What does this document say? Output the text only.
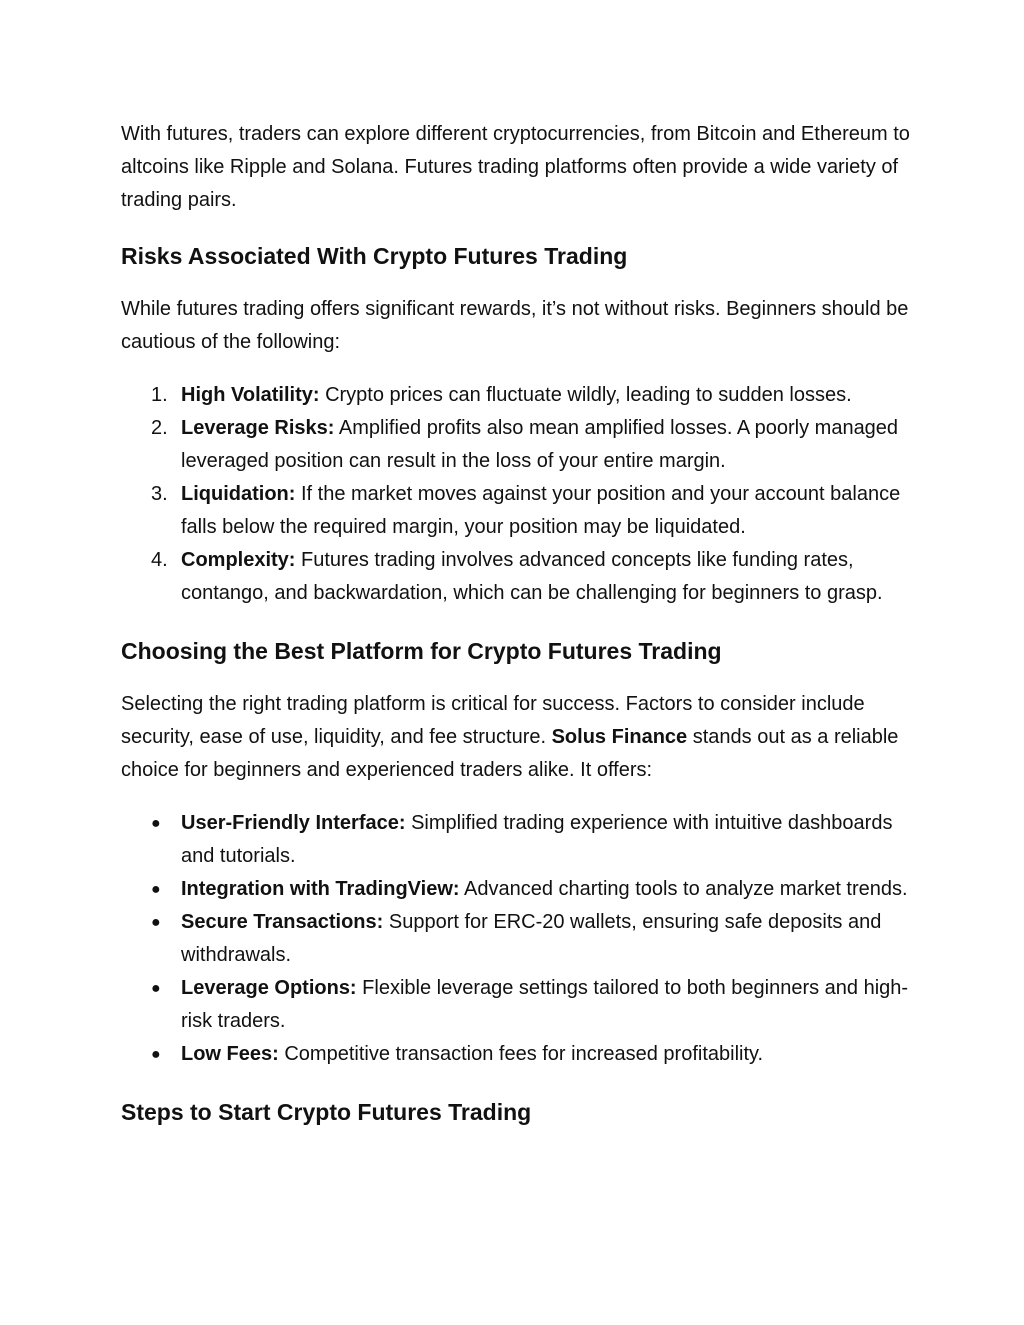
With futures, traders can explore different cryptocurrencies, from Bitcoin and Ethereum to altcoins like Ripple and Solana. Futures trading platforms often provide a wide variety of trading pairs.

Risks Associated With Crypto Futures Trading

While futures trading offers significant rewards, it’s not without risks. Beginners should be cautious of the following:

1. High Volatility: Crypto prices can fluctuate wildly, leading to sudden losses.
2. Leverage Risks: Amplified profits also mean amplified losses. A poorly managed leveraged position can result in the loss of your entire margin.
3. Liquidation: If the market moves against your position and your account balance falls below the required margin, your position may be liquidated.
4. Complexity: Futures trading involves advanced concepts like funding rates, contango, and backwardation, which can be challenging for beginners to grasp.
Choosing the Best Platform for Crypto Futures Trading

Selecting the right trading platform is critical for success. Factors to consider include security, ease of use, liquidity, and fee structure. Solus Finance stands out as a reliable choice for beginners and experienced traders alike. It offers:

● User-Friendly Interface: Simplified trading experience with intuitive dashboards and tutorials.
● Integration with TradingView: Advanced charting tools to analyze market trends.
● Secure Transactions: Support for ERC-20 wallets, ensuring safe deposits and withdrawals.
● Leverage Options: Flexible leverage settings tailored to both beginners and high-risk traders.
● Low Fees: Competitive transaction fees for increased profitability.
Steps to Start Crypto Futures Trading
